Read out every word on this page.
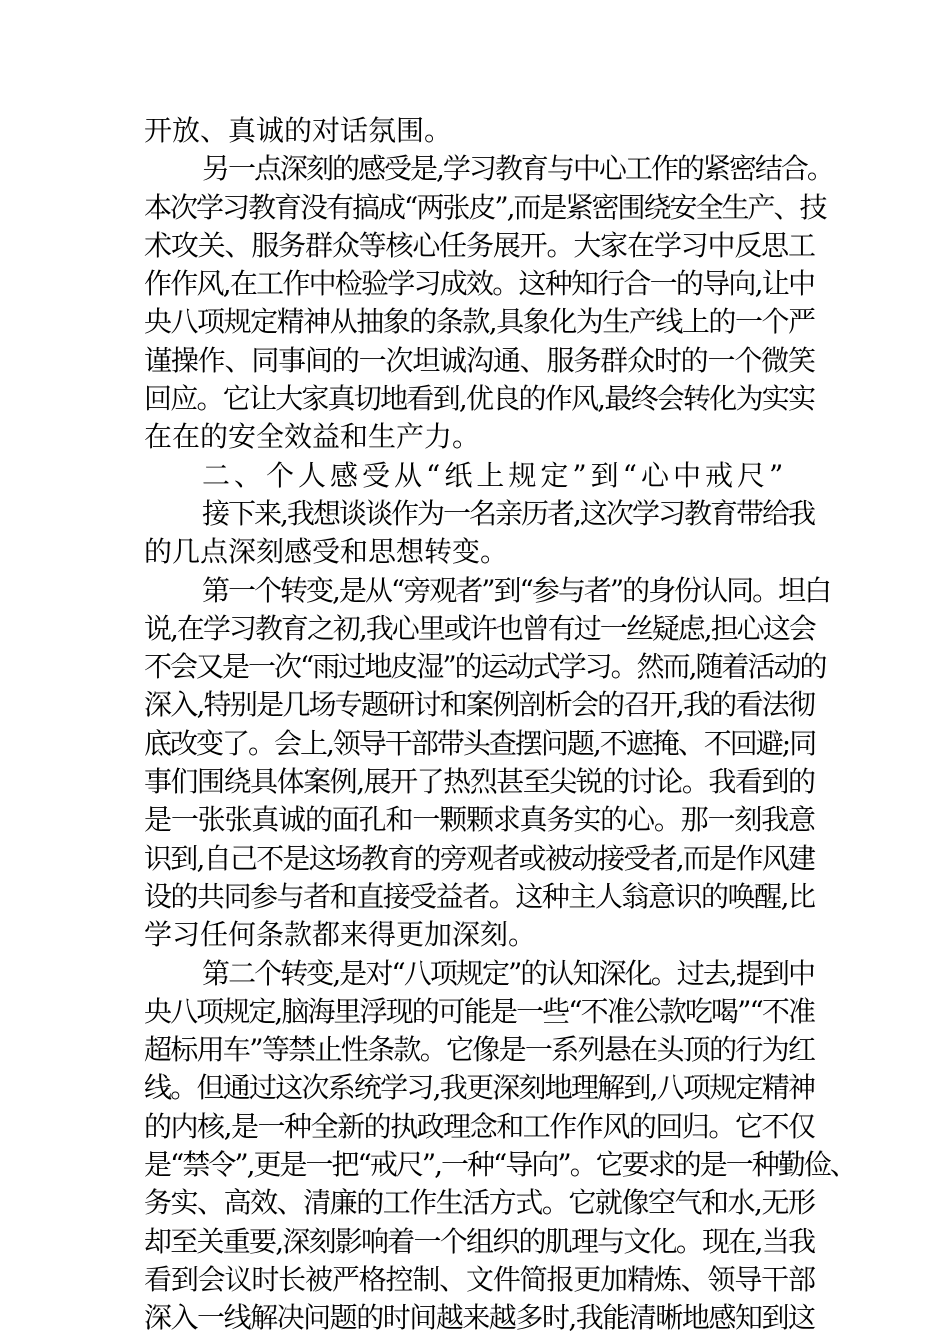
开放、真诚的对话氛围。
另一点深刻的感受是,学习教育与中心工作的紧密结合。
本次学习教育没有搞成“两张皮”,而是紧密围绕安全生产、技
术攻关、服务群众等核心任务展开。大家在学习中反思工
作作风,在工作中检验学习成效。这种知行合一的导向,让中
央八项规定精神从抽象的条款,具象化为生产线上的一个严
谨操作、同事间的一次坦诚沟通、服务群众时的一个微笑
回应。它让大家真切地看到,优良的作风,最终会转化为实实
在在的安全效益和生产力。
二、个人感受从“纸上规定”到“心中戒尺”
接下来,我想谈谈作为一名亲历者,这次学习教育带给我
的几点深刻感受和思想转变。
第一个转变,是从“旁观者”到“参与者”的身份认同。坦白
说,在学习教育之初,我心里或许也曾有过一丝疑虑,担心这会
不会又是一次“雨过地皮湿”的运动式学习。然而,随着活动的
深入,特别是几场专题研讨和案例剖析会的召开,我的看法彻
底改变了。会上,领导干部带头查摆问题,不遮掩、不回避;同
事们围绕具体案例,展开了热烈甚至尖锐的讨论。我看到的
是一张张真诚的面孔和一颗颗求真务实的心。那一刻我意
识到,自己不是这场教育的旁观者或被动接受者,而是作风建
设的共同参与者和直接受益者。这种主人翁意识的唤醒,比
学习任何条款都来得更加深刻。
第二个转变,是对“八项规定”的认知深化。过去,提到中
央八项规定,脑海里浮现的可能是一些“不准公款吃喝”“不准
超标用车”等禁止性条款。它像是一系列悬在头顶的行为红
线。但通过这次系统学习,我更深刻地理解到,八项规定精神
的内核,是一种全新的执政理念和工作作风的回归。它不仅
是“禁令”,更是一把“戒尺”,一种“导向”。它要求的是一种勤俭、
务实、高效、清廉的工作生活方式。它就像空气和水,无形
却至关重要,深刻影响着一个组织的肌理与文化。现在,当我
看到会议时长被严格控制、文件简报更加精炼、领导干部
深入一线解决问题的时间越来越多时,我能清晰地感知到这
